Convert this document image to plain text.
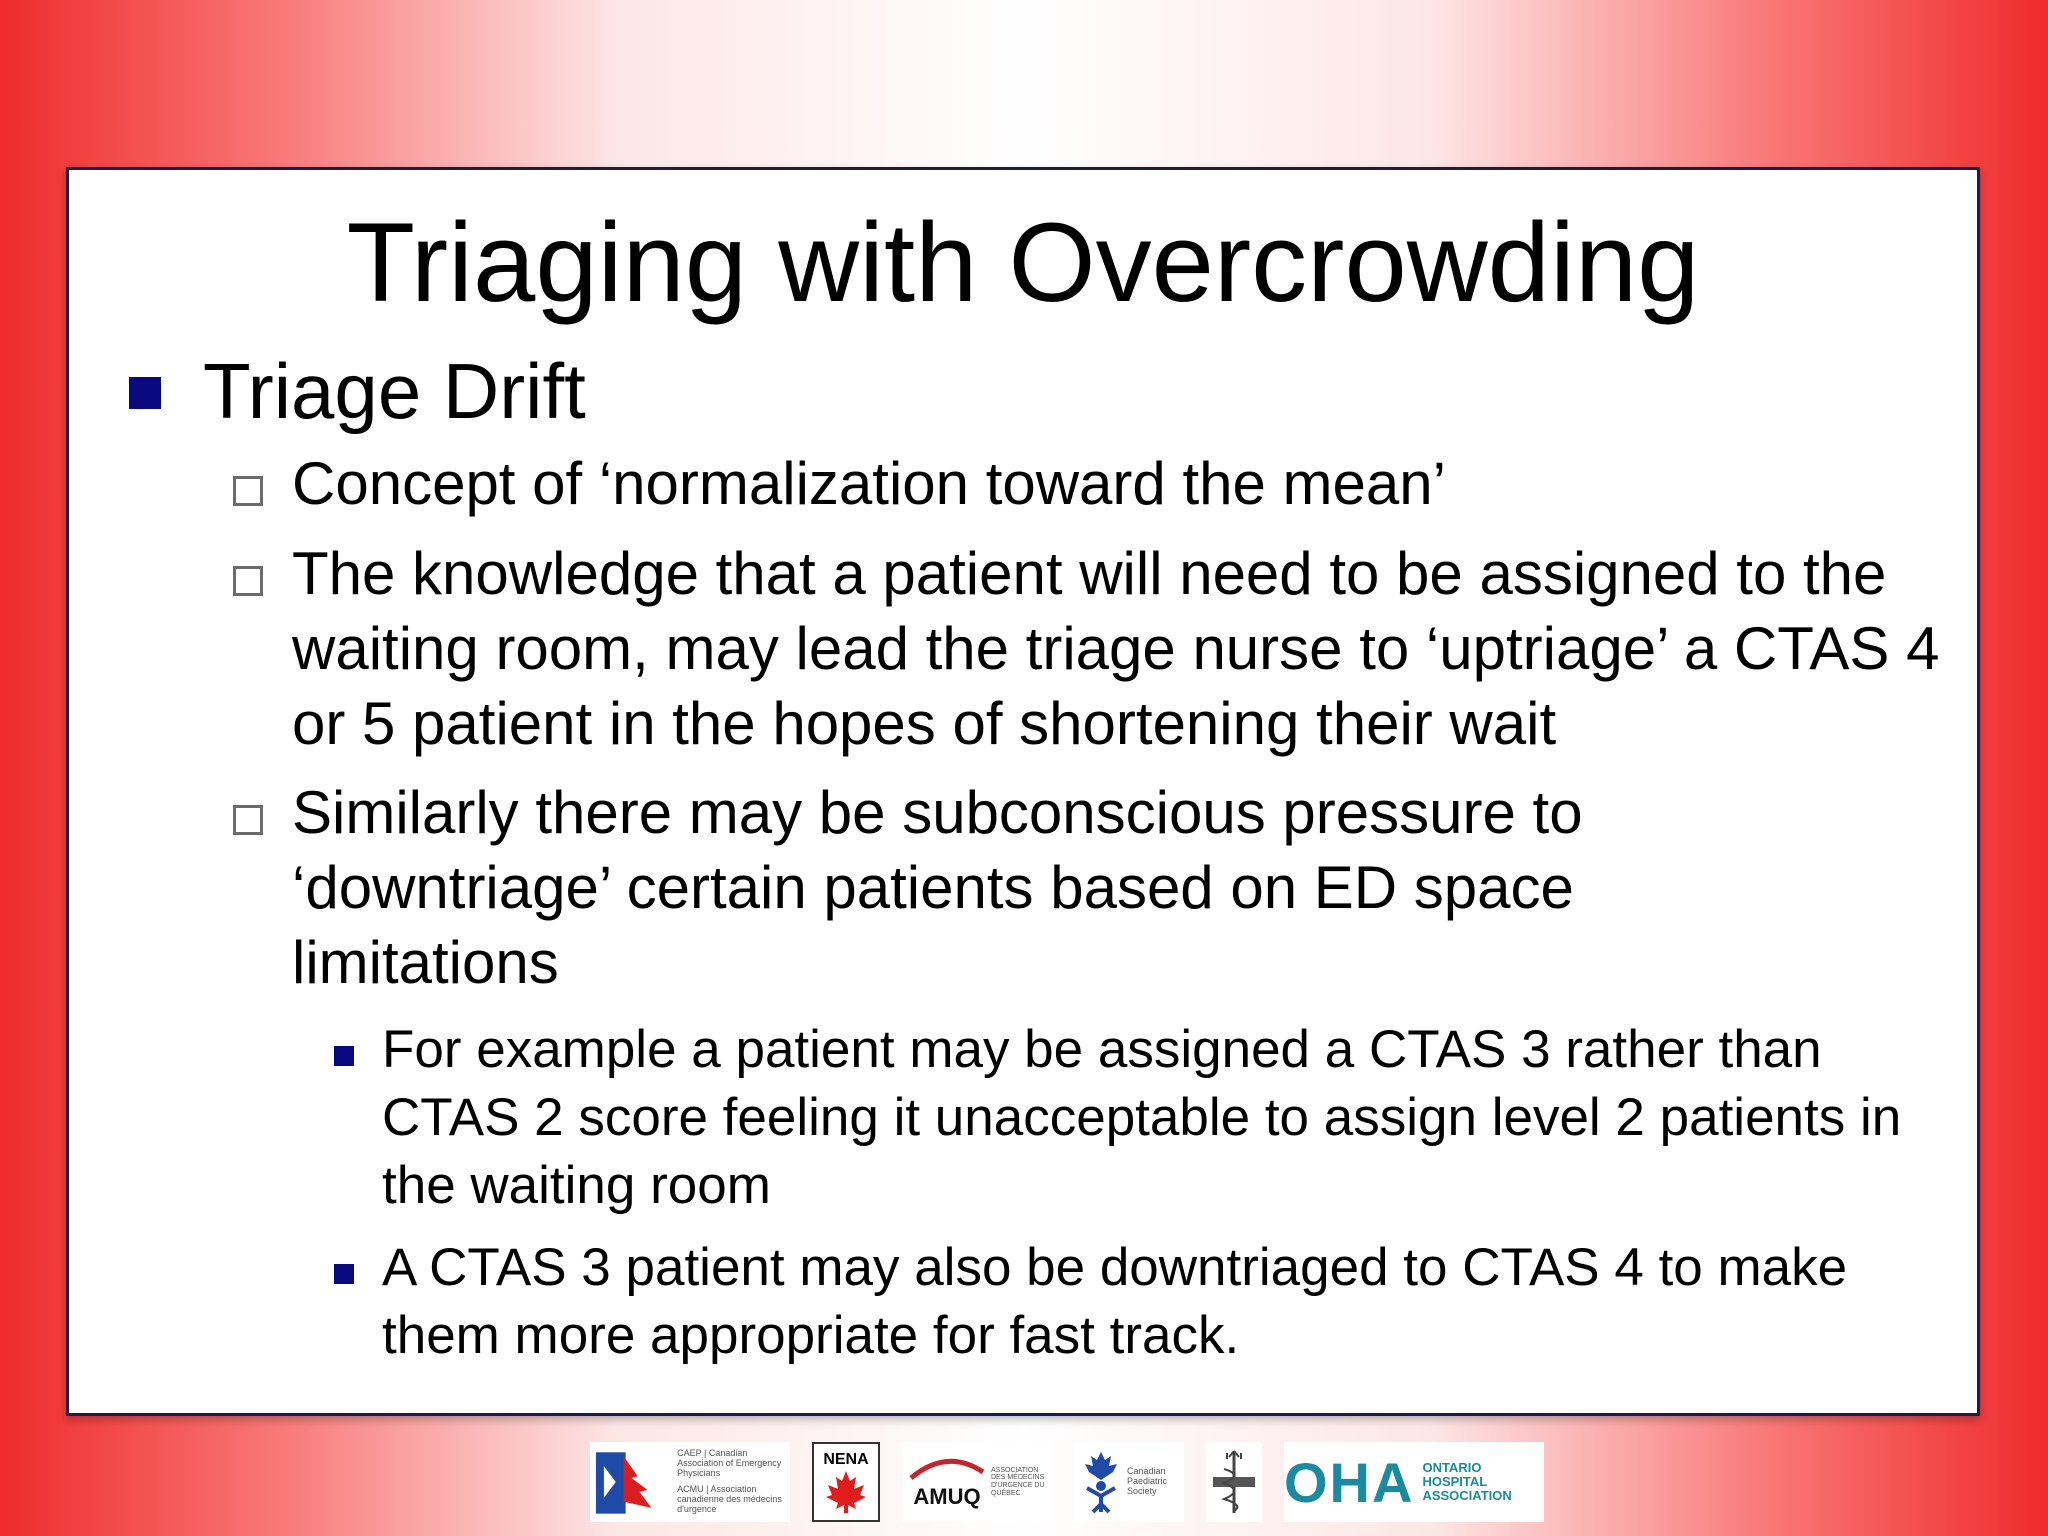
Triaging with Overcrowding
Triage Drift
Concept of ‘normalization toward the mean’
The knowledge that a patient will need to be assigned to the waiting room, may lead the triage nurse to ‘uptriage’ a CTAS 4 or 5 patient in the hopes of shortening their wait
Similarly there may be subconscious pressure to ‘downtriage’ certain patients based on ED space limitations
For example a patient may be assigned a CTAS 3 rather than CTAS 2 score feeling it unacceptable to assign level 2 patients in the waiting room
A CTAS 3 patient may also be downtriaged to CTAS 4 to make them more appropriate for fast track.
CAEP | Canadian Association of Emergency Physicians
ACMU | Association canadienne des médecins d'urgence
NENA
AMUQ
ASSOCIATION DES MÉDECINS D'URGENCE DU QUÉBEC
Canadian Paediatric Society	OHA ONTARIO HOSPITAL ASSOCIATION
